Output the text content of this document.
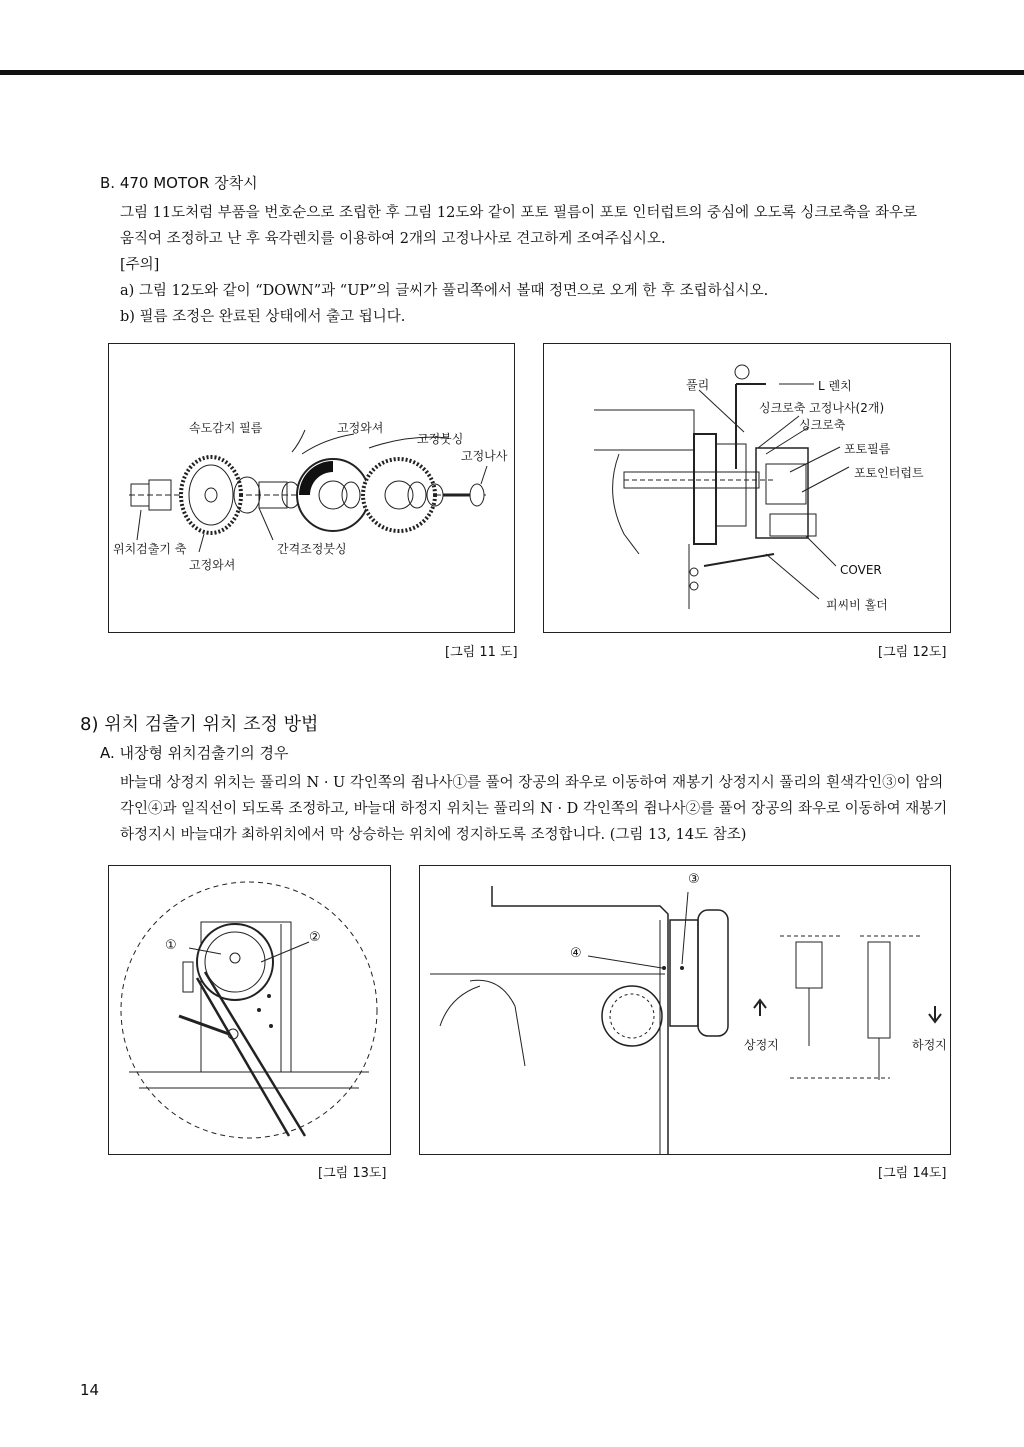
B. 470 MOTOR 장착시

그림 11도처럼 부품을 번호순으로 조립한 후 그림 12도와 같이 포토 필름이 포토 인터럽트의 중심에 오도록 싱크로축을 좌우로

움직여 조정하고 난 후 육각렌치를 이용하여 2개의 고정나사로 견고하게 조여주십시오.

[주의]

a) 그림 12도와 같이 “DOWN”과 “UP”의 글씨가 풀리쪽에서 볼때 정면으로 오게 한 후 조립하십시오.

b) 필름 조정은 완료된 상태에서 출고 됩니다.

속도감지 필름	고정와셔
고정붓싱
고정나사
위치검출기 축	간격조정붓싱
고정와셔
[그림 11 도]
풀리	L 렌치
싱크로축 고정나사(2개)
싱크로축
포토필름
포토인터럽트
COVER
피씨비 홀더
[그림 12도]
8) 위치 검출기 위치 조정 방법
A. 내장형 위치검출기의 경우

바늘대 상정지 위치는 풀리의 N · U 각인쪽의 쥠나사①를 풀어 장공의 좌우로 이동하여 재봉기 상정지시 풀리의 흰색각인③이 암의

각인④과 일직선이 되도록 조정하고, 바늘대 하정지 위치는 풀리의 N · D 각인쪽의 쥠나사②를 풀어 장공의 좌우로 이동하여 재봉기

하정지시 바늘대가 최하위치에서 막 상승하는 위치에 정지하도록 조정합니다. (그림 13, 14도 참조)

①
②
[그림 13도]
③
④
상정지	하정지
[그림 14도]
14
